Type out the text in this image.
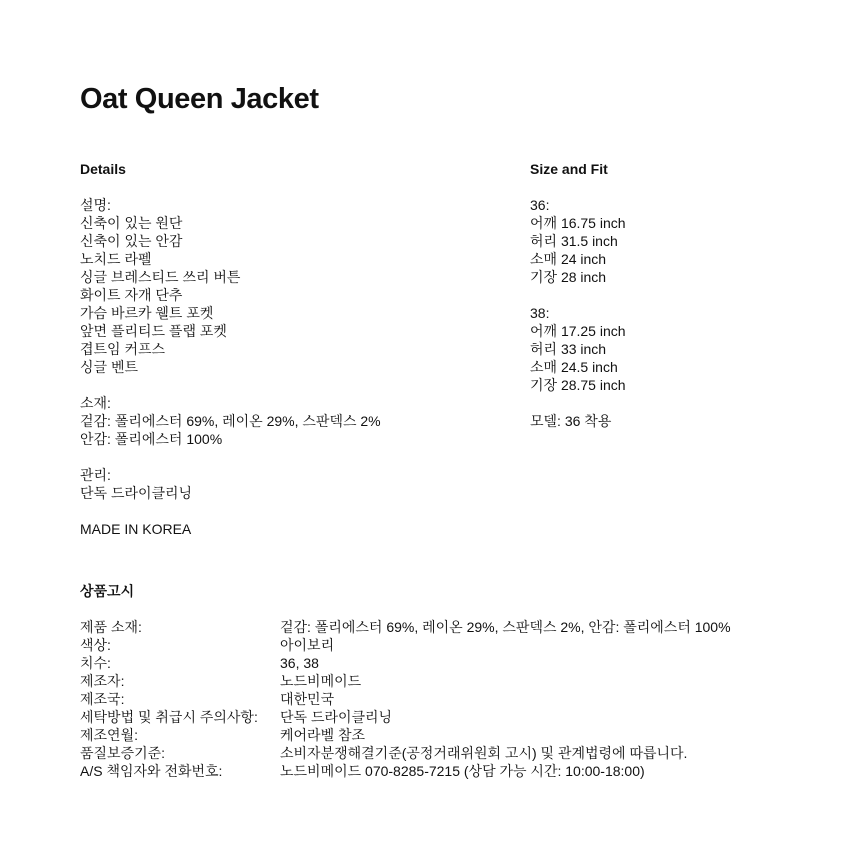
Oat Queen Jacket
Details
설명:
신축이 있는 원단
신축이 있는 안감
노치드 라펠
싱글 브레스티드 쓰리 버튼
화이트 자개 단추
가슴 바르카 웰트 포켓
앞면 플리티드 플랩 포켓
겹트임 커프스
싱글 벤트
소재:
겉감: 폴리에스터 69%, 레이온 29%, 스판덱스 2%
안감: 폴리에스터 100%
관리:
단독 드라이클리닝
MADE IN KOREA
Size and Fit
36:
어깨 16.75 inch
허리 31.5 inch
소매 24 inch
기장 28 inch
38:
어깨 17.25 inch
허리 33 inch
소매 24.5 inch
기장 28.75 inch
모델: 36 착용
상품고시
제품 소재:	겉감: 폴리에스터 69%, 레이온 29%, 스판덱스 2%, 안감: 폴리에스터 100%
색상:	아이보리
치수:	36, 38
제조자:	노드비메이드
제조국:	대한민국
세탁방법 및 취급시 주의사항:	단독 드라이클리닝
제조연월:	케어라벨 참조
품질보증기준:	소비자분쟁해결기준(공정거래위원회 고시) 및 관계법령에 따릅니다.
A/S 책임자와 전화번호:	노드비메이드 070-8285-7215 (상담 가능 시간: 10:00-18:00)
